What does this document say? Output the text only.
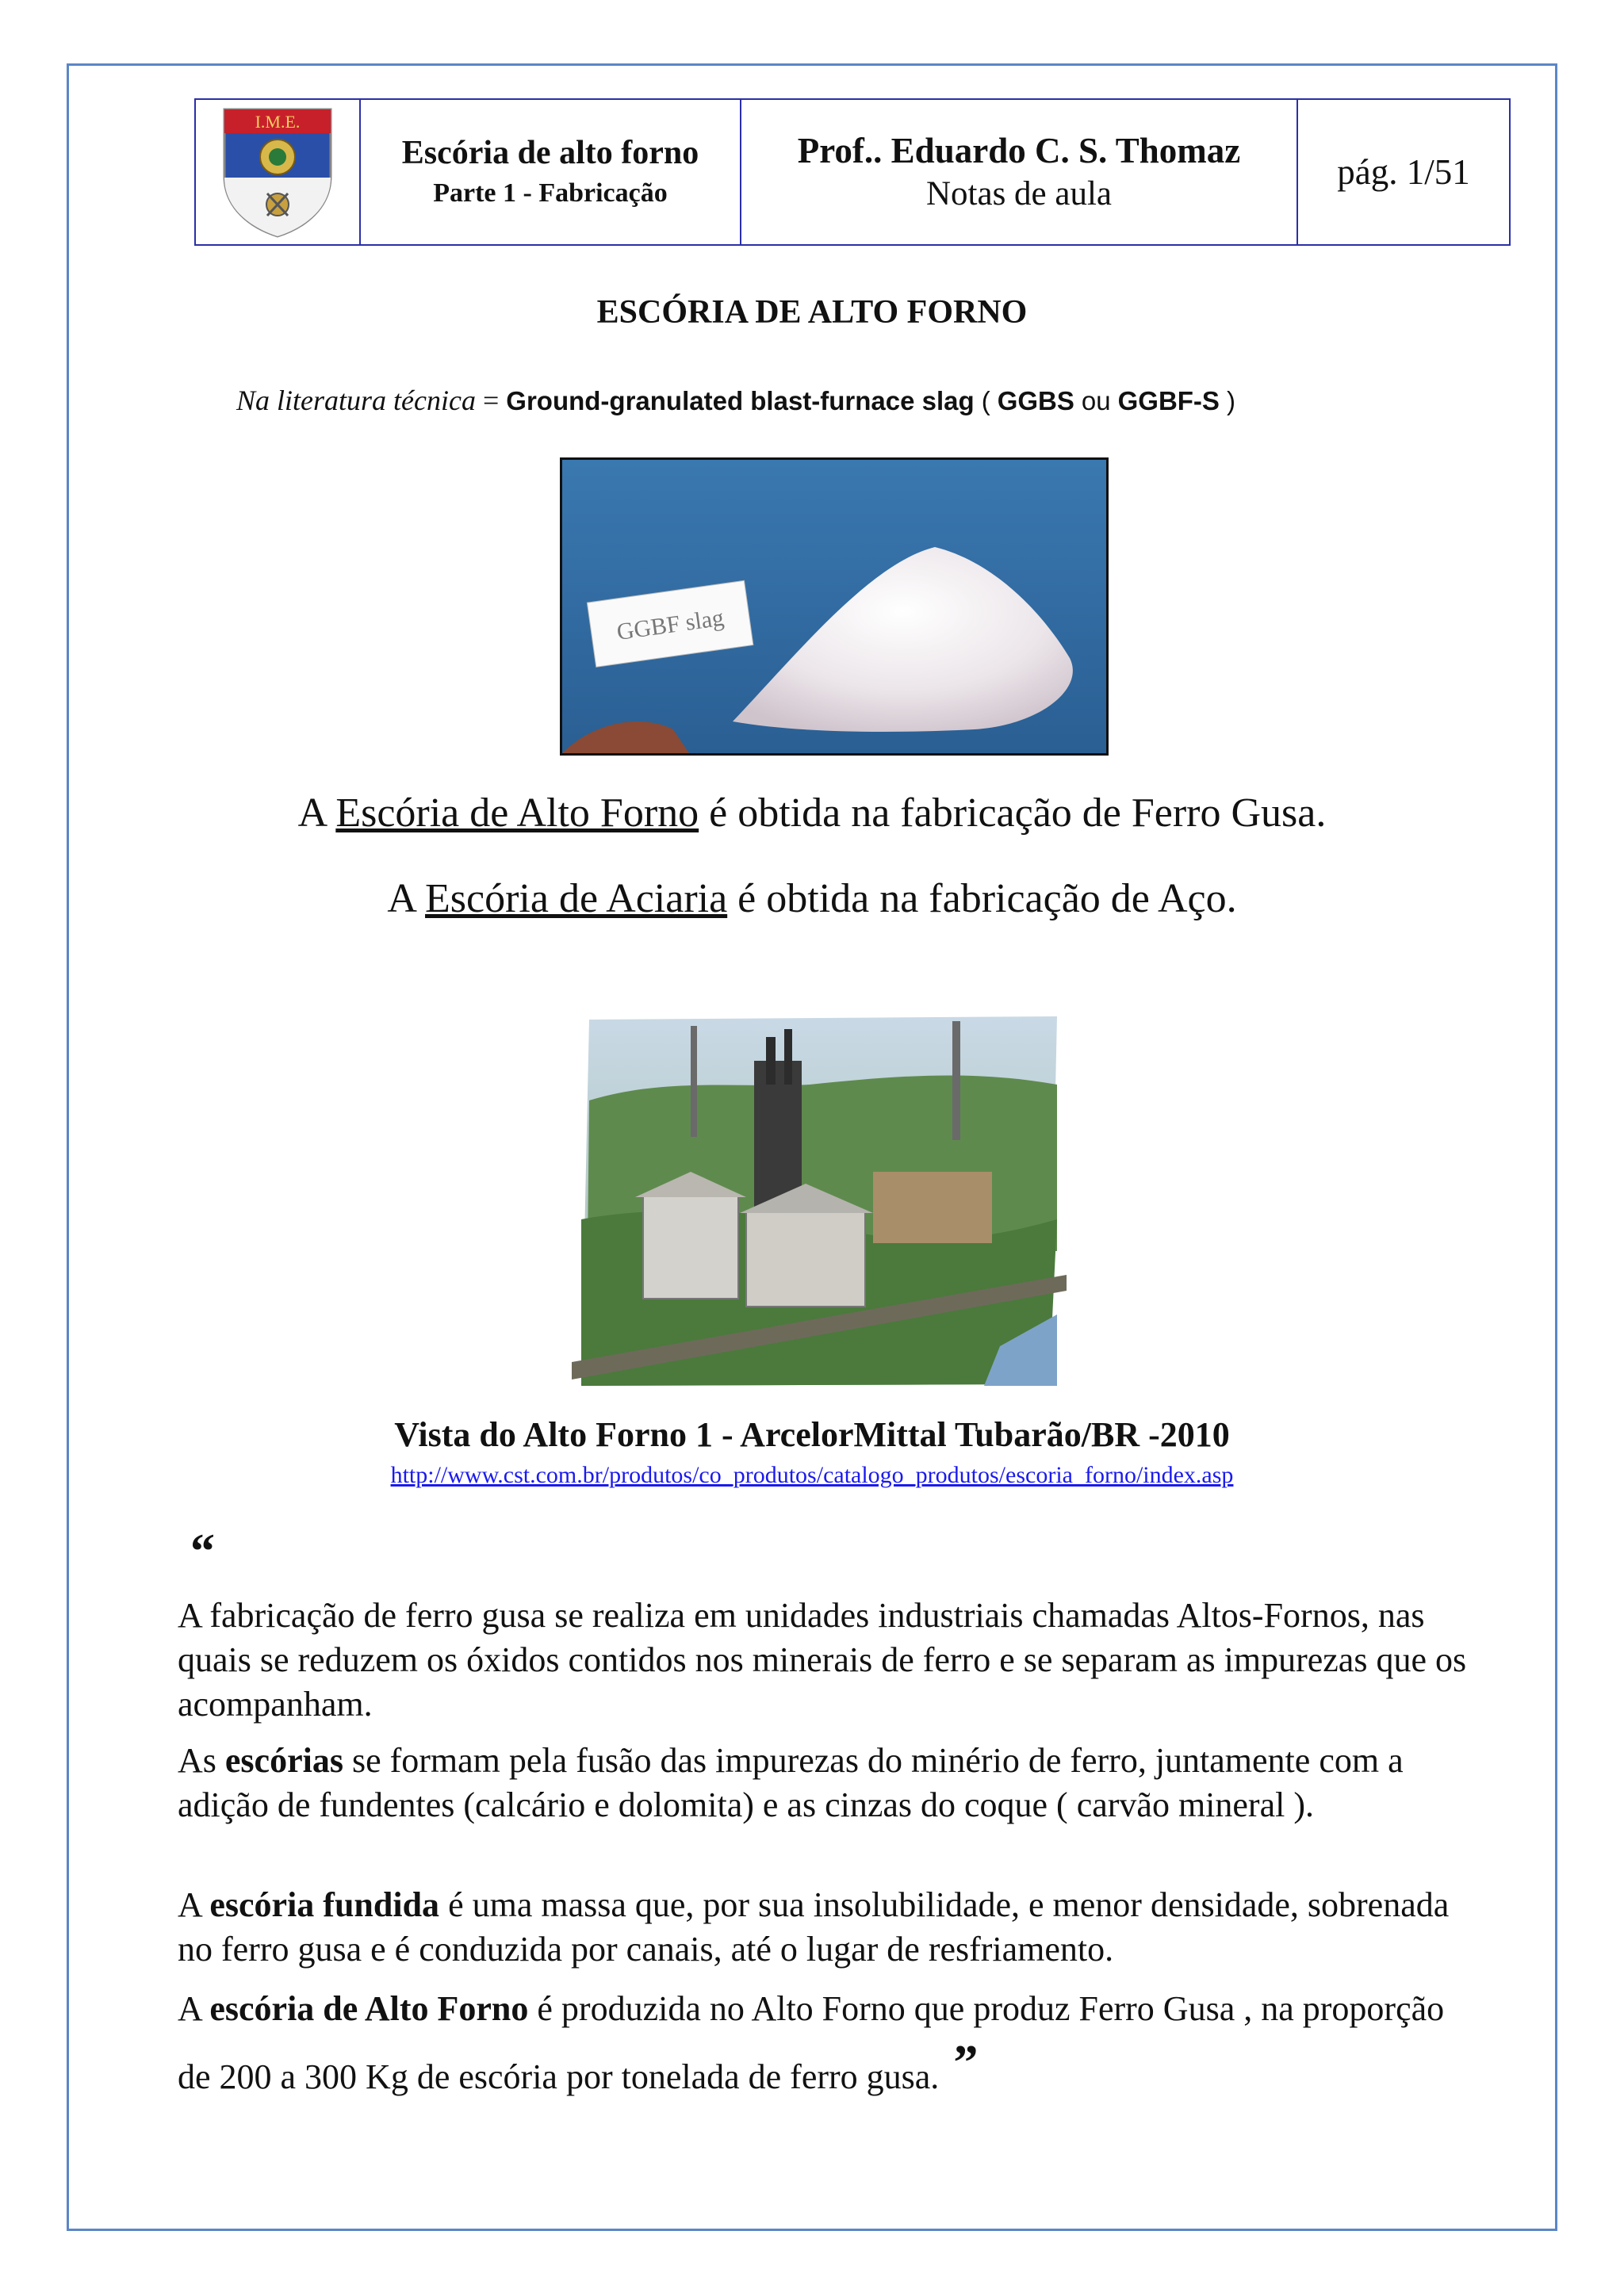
I.M.E.
Escória de alto forno
Parte 1 - Fabricação
Prof.. Eduardo C. S. Thomaz
Notas de aula
pág. 1/51
ESCÓRIA DE ALTO FORNO
Na literatura técnica = Ground-granulated blast-furnace slag ( GGBS ou GGBF-S )
GGBF slag
A Escória de Alto Forno é obtida na fabricação de Ferro Gusa.
A Escória de Aciaria é obtida na fabricação de Aço.
Vista do Alto Forno 1 - ArcelorMittal Tubarão/BR -2010
http://www.cst.com.br/produtos/co_produtos/catalogo_produtos/escoria_forno/index.asp
“

A fabricação de ferro gusa se realiza em unidades industriais chamadas Altos-Fornos, nas quais se reduzem os óxidos contidos nos minerais de ferro e se separam as impurezas que os acompanham.

As escórias se formam pela fusão das impurezas do minério de ferro, juntamente com a adição de fundentes (calcário e dolomita) e as cinzas do coque ( carvão mineral ).

A escória fundida é uma massa que, por sua insolubilidade, e menor densidade, sobrenada no ferro gusa e é conduzida por canais, até o lugar de resfriamento.

A escória de Alto Forno é produzida no Alto Forno que produz Ferro Gusa , na proporção de 200 a 300 Kg de escória por tonelada de ferro gusa. ”
